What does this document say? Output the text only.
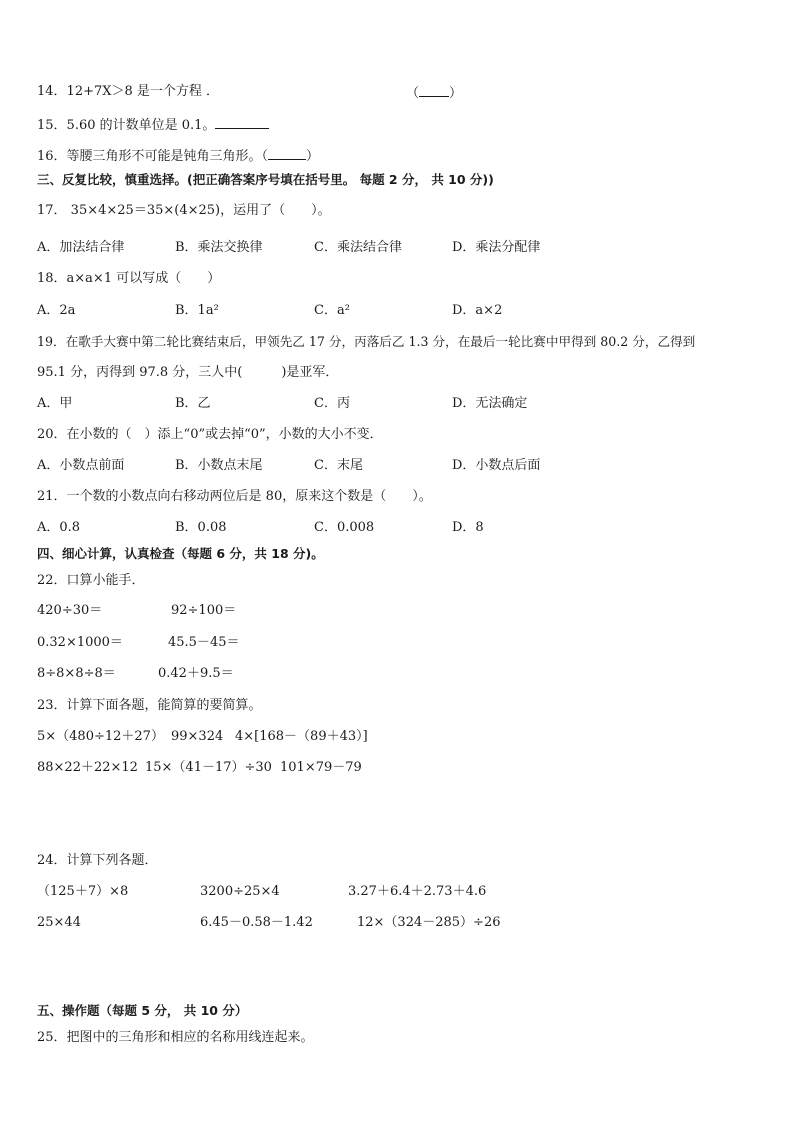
14．12+7X＞8 是一个方程 ．	（ ）
15．5.60 的计数单位是 0.1。
16．等腰三角形不可能是钝角三角形。（	）
三、反复比较，慎重选择。(把正确答案序号填在括号里。 每题 2 分， 共 10 分))
17． 35×4×25＝35×(4×25)，运用了（　　）。
A．加法结合律	B．乘法交换律	C．乘法结合律	D．乘法分配律
18．a×a×1 可以写成（　　）
A．2a	B．1a²	C．a²	D．a×2
19．在歌手大赛中第二轮比赛结束后，甲领先乙 17 分，丙落后乙 1.3 分，在最后一轮比赛中甲得到 80.2 分，乙得到
95.1 分，丙得到 97.8 分，三人中(　　　)是亚军．
A．甲	B．乙	C．丙	D．无法确定
20．在小数的（　）添上“0”或去掉“0”，小数的大小不变．
A．小数点前面	B．小数点末尾	C．末尾	D．小数点后面
21．一个数的小数点向右移动两位后是 80，原来这个数是（　　）。
A．0.8	B．0.08	C．0.008	D．8
四、细心计算，认真检查（每题 6 分，共 18 分)。
22．口算小能手．
420÷30＝	92÷100＝
0.32×1000＝	45.5－45＝
8÷8×8÷8＝	0.42＋9.5＝
23．计算下面各题，能简算的要简算。
5×（480÷12＋27） 99×324 4×[168－（89＋43）]
88×22＋22×12 15×（41－17）÷30 101×79－79
24．计算下列各题．
（125＋7）×8	3200÷25×4	3.27＋6.4＋2.73＋4.6
25×44	6.45－0.58－1.42	12×（324－285）÷26
五、操作题（每题 5 分， 共 10 分）
25．把图中的三角形和相应的名称用线连起来。
